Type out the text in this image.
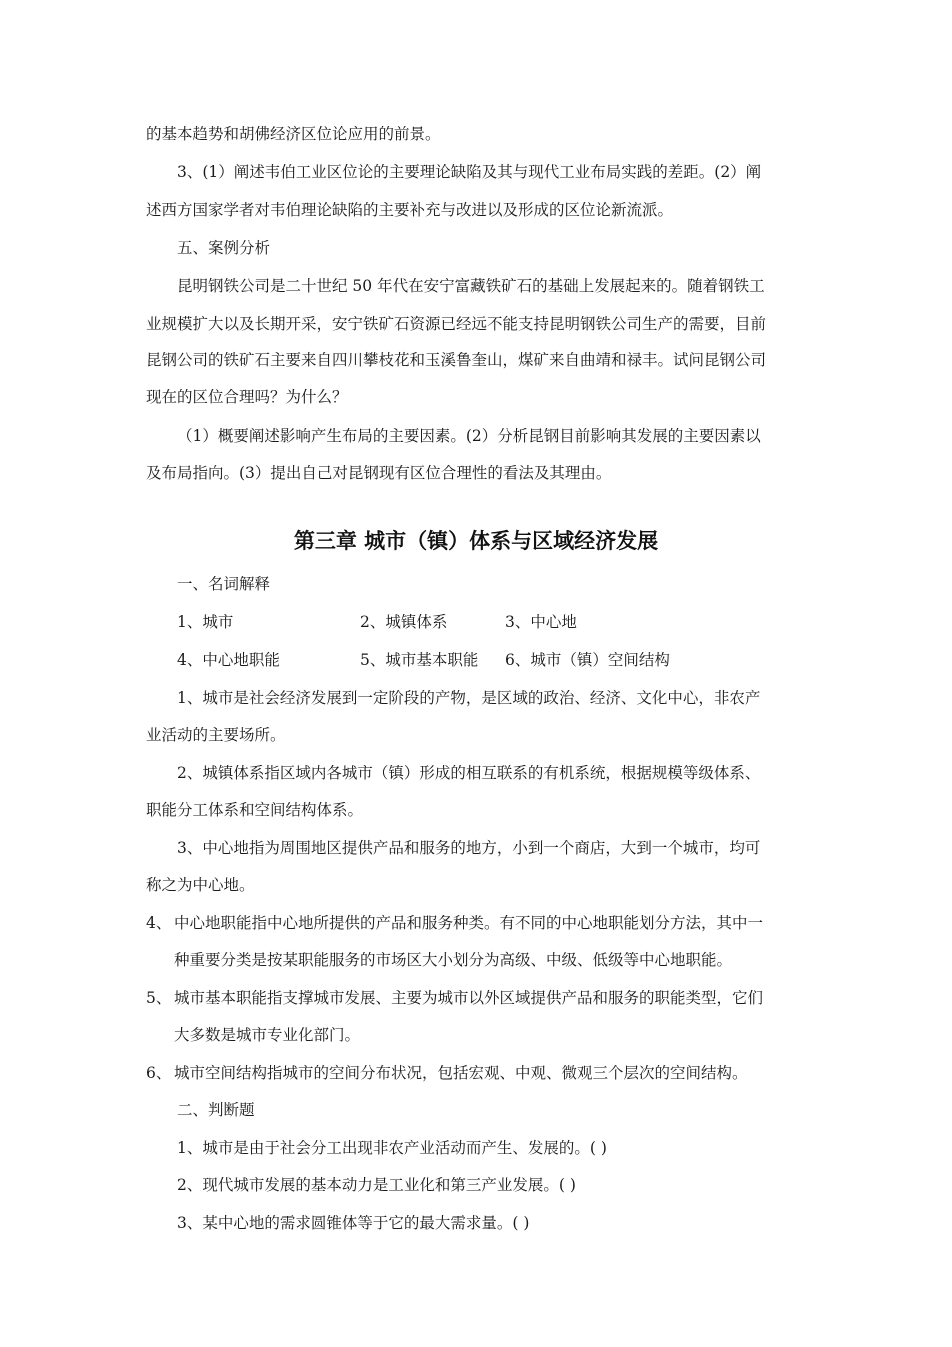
的基本趋势和胡佛经济区位论应用的前景。
3、(1）阐述韦伯工业区位论的主要理论缺陷及其与现代工业布局实践的差距。(2）阐
述西方国家学者对韦伯理论缺陷的主要补充与改进以及形成的区位论新流派。
五、案例分析
昆明钢铁公司是二十世纪 50 年代在安宁富藏铁矿石的基础上发展起来的。随着钢铁工
业规模扩大以及长期开采，安宁铁矿石资源已经远不能支持昆明钢铁公司生产的需要，目前
昆钢公司的铁矿石主要来自四川攀枝花和玉溪鲁奎山，煤矿来自曲靖和禄丰。试问昆钢公司
现在的区位合理吗？为什么？
（1）概要阐述影响产生布局的主要因素。(2）分析昆钢目前影响其发展的主要因素以
及布局指向。(3）提出自己对昆钢现有区位合理性的看法及其理由。
第三章 城市（镇）体系与区域经济发展
一、名词解释
1、城市	2、城镇体系	3、中心地
4、中心地职能	5、城市基本职能 6、城市（镇）空间结构
1、城市是社会经济发展到一定阶段的产物，是区域的政治、经济、文化中心，非农产
业活动的主要场所。
2、城镇体系指区域内各城市（镇）形成的相互联系的有机系统，根据规模等级体系、
职能分工体系和空间结构体系。
3、中心地指为周围地区提供产品和服务的地方，小到一个商店，大到一个城市，均可
称之为中心地。
4、 中心地职能指中心地所提供的产品和服务种类。有不同的中心地职能划分方法，其中一
种重要分类是按某职能服务的市场区大小划分为高级、中级、低级等中心地职能。
5、 城市基本职能指支撑城市发展、主要为城市以外区域提供产品和服务的职能类型，它们
大多数是城市专业化部门。
6、 城市空间结构指城市的空间分布状况，包括宏观、中观、微观三个层次的空间结构。
二、判断题
1、城市是由于社会分工出现非农产业活动而产生、发展的。( )
2、现代城市发展的基本动力是工业化和第三产业发展。( )
3、某中心地的需求圆锥体等于它的最大需求量。( )
